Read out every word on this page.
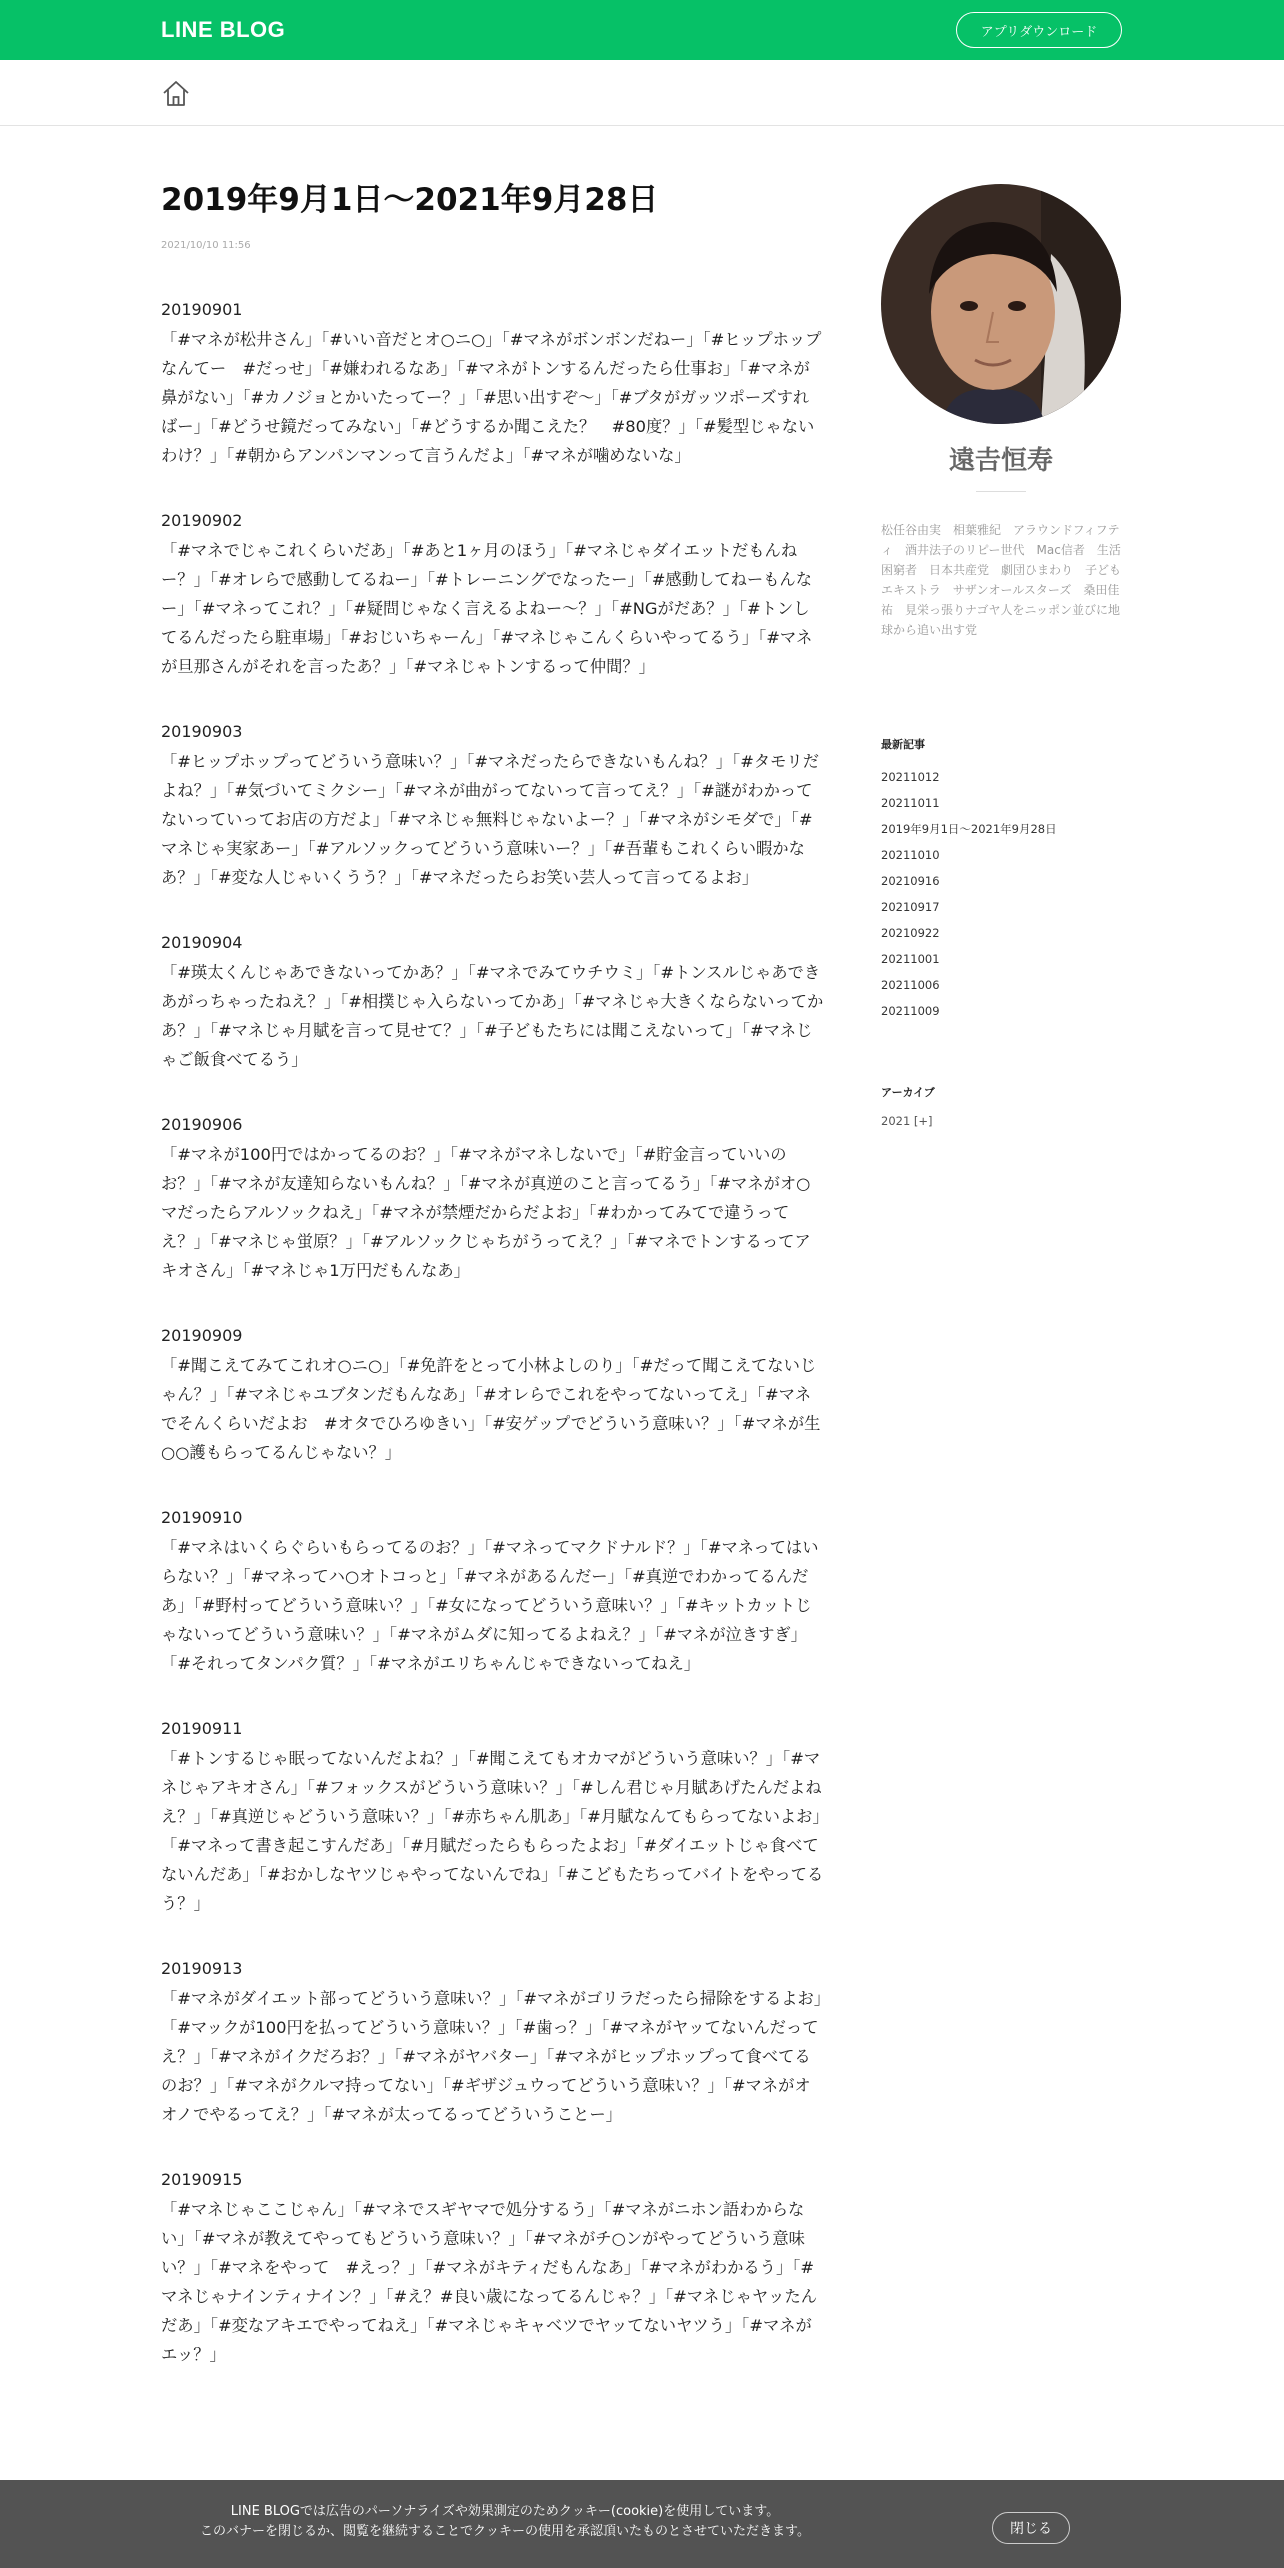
LINE BLOG	アプリダウンロード
2019年9月1日〜2021年9月28日
2021/10/10 11:56
20190901
「#マネが松井さん」「#いい音だとオ○ニ○」「#マネがボンボンだねー」「#ヒップホップなんてー　#だっせ」「#嫌われるなあ」「#マネがトンするんだったら仕事お」「#マネが鼻がない」「#カノジョとかいたってー？」「#思い出すぞ〜」「#ブタがガッツポーズすればー」「#どうせ鏡だってみない」「#どうするか聞こえた？　#80度？」「#髪型じゃないわけ？」「#朝からアンパンマンって言うんだよ」「#マネが噛めないな」
20190902
「#マネでじゃこれくらいだあ」「#あと1ヶ月のほう」「#マネじゃダイエットだもんねー？」「#オレらで感動してるねー」「#トレーニングでなったー」「#感動してねーもんなー」「#マネってこれ？」「#疑問じゃなく言えるよねー〜？」「#NGがだあ？」「#トンしてるんだったら駐車場」「#おじいちゃーん」「#マネじゃこんくらいやってるう」「#マネが旦那さんがそれを言ったあ？」「#マネじゃトンするって仲間？」
20190903
「#ヒップホップってどういう意味い？」「#マネだったらできないもんね？」「#タモリだよね？」「#気づいてミクシー」「#マネが曲がってないって言ってえ？」「#謎がわかってないっていってお店の方だよ」「#マネじゃ無料じゃないよー？」「#マネがシモダで」「#マネじゃ実家あー」「#アルソックってどういう意味いー？」「#吾輩もこれくらい暇かなあ？」「#変な人じゃいくうう？」「#マネだったらお笑い芸人って言ってるよお」
20190904
「#瑛太くんじゃあできないってかあ？」「#マネでみてウチウミ」「#トンスルじゃあできあがっちゃったねえ？」「#相撲じゃ入らないってかあ」「#マネじゃ大きくならないってかあ？」「#マネじゃ月賦を言って見せて？」「#子どもたちには聞こえないって」「#マネじゃご飯食べてるう」
20190906
「#マネが100円ではかってるのお？」「#マネがマネしないで」「#貯金言っていいのお？」「#マネが友達知らないもんね？」「#マネが真逆のこと言ってるう」「#マネがオ○マだったらアルソックねえ」「#マネが禁煙だからだよお」「#わかってみてで違うってえ？」「#マネじゃ蛍原？」「#アルソックじゃちがうってえ？」「#マネでトンするってアキオさん」「#マネじゃ1万円だもんなあ」
20190909
「#聞こえてみてこれオ○ニ○」「#免許をとって小林よしのり」「#だって聞こえてないじゃん？」「#マネじゃユブタンだもんなあ」「#オレらでこれをやってないってえ」「#マネでそんくらいだよお　#オタでひろゆきい」「#安ゲップでどういう意味い？」「#マネが生○○護もらってるんじゃない？」
20190910
「#マネはいくらぐらいもらってるのお？」「#マネってマクドナルド？」「#マネってはいらない？」「#マネってハ○オトコっと」「#マネがあるんだー」「#真逆でわかってるんだあ」「#野村ってどういう意味い？」「#女になってどういう意味い？」「#キットカットじゃないってどういう意味い？」「#マネがムダに知ってるよねえ？」「#マネが泣きすぎ」「#それってタンパク質？」「#マネがエリちゃんじゃできないってねえ」
20190911
「#トンするじゃ眠ってないんだよね？」「#聞こえてもオカマがどういう意味い？」「#マネじゃアキオさん」「#フォックスがどういう意味い？」「#しん君じゃ月賦あげたんだよねえ？」「#真逆じゃどういう意味い？」「#赤ちゃん肌あ」「#月賦なんてもらってないよお」「#マネって書き起こすんだあ」「#月賦だったらもらったよお」「#ダイエットじゃ食べてないんだあ」「#おかしなヤツじゃやってないんでね」「#こどもたちってバイトをやってるう？」
20190913
「#マネがダイエット部ってどういう意味い？」「#マネがゴリラだったら掃除をするよお」「#マックが100円を払ってどういう意味い？」「#歯っ？」「#マネがヤッてないんだってえ？」「#マネがイクだろお？」「#マネがヤバター」「#マネがヒップホップって食べてるのお？」「#マネがクルマ持ってない」「#ギザジュウってどういう意味い？」「#マネがオオノでやるってえ？」「#マネが太ってるってどういうことー」
20190915
「#マネじゃここじゃん」「#マネでスギヤマで処分するう」「#マネがニホン語わからない」「#マネが教えてやってもどういう意味い？」「#マネがチ○ンがやってどういう意味い？」「#マネをやって　#えっ？」「#マネがキティだもんなあ」「#マネがわかるう」「#マネじゃナインティナイン？」「#え？#良い歳になってるんじゃ？」「#マネじゃヤッたんだあ」「#変なアキエでやってねえ」「#マネじゃキャベツでヤッてないヤツう」「#マネがエッ？」
遠𠮷恒寿
松任谷由実　相葉雅紀　アラウンドフィフティ　酒井法子のリピー世代　Mac信者　生活困窮者　日本共産党　劇団ひまわり　子どもエキストラ　サザンオールスターズ　桑田佳祐　見栄っ張りナゴヤ人をニッポン並びに地球から追い出す党
最新記事
20211012
20211011
2019年9月1日〜2021年9月28日
20211010
20210916
20210917
20210922
20211001
20211006
20211009
アーカイブ
2021 [+]
LINE BLOGでは広告のパーソナライズや効果測定のためクッキー(cookie)を使用しています。
このバナーを閉じるか、閲覧を継続することでクッキーの使用を承認頂いたものとさせていただきます。	閉じる
